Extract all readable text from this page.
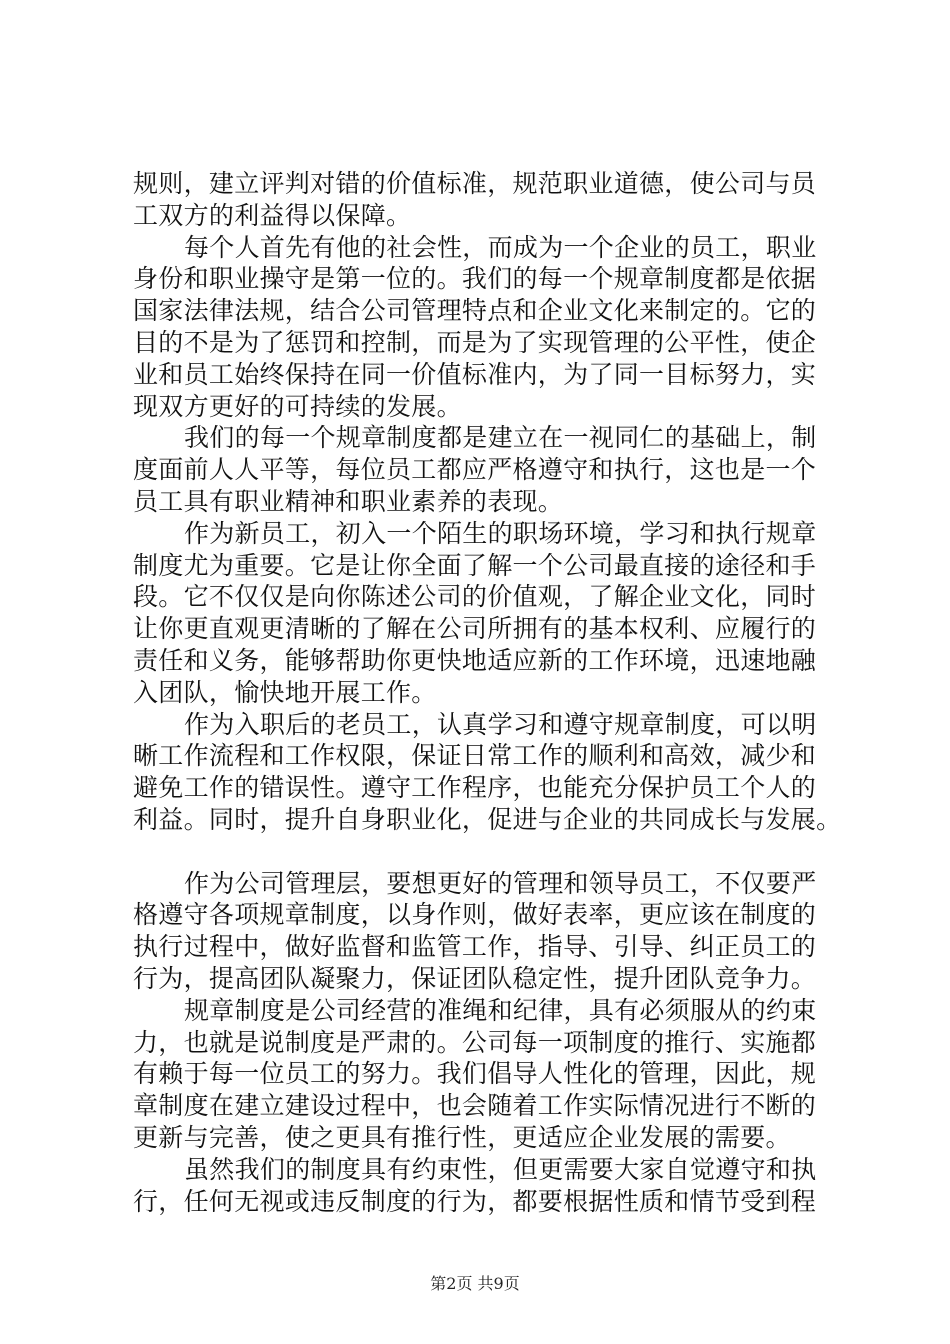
规则，建立评判对错的价值标准，规范职业道德，使公司与员
工双方的利益得以保障。
每个人首先有他的社会性，而成为一个企业的员工，职业
身份和职业操守是第一位的。我们的每一个规章制度都是依据
国家法律法规，结合公司管理特点和企业文化来制定的。它的
目的不是为了惩罚和控制，而是为了实现管理的公平性，使企
业和员工始终保持在同一价值标准内，为了同一目标努力，实
现双方更好的可持续的发展。
我们的每一个规章制度都是建立在一视同仁的基础上，制
度面前人人平等，每位员工都应严格遵守和执行，这也是一个
员工具有职业精神和职业素养的表现。
作为新员工，初入一个陌生的职场环境，学习和执行规章
制度尤为重要。它是让你全面了解一个公司最直接的途径和手
段。它不仅仅是向你陈述公司的价值观，了解企业文化，同时
让你更直观更清晰的了解在公司所拥有的基本权利、应履行的
责任和义务，能够帮助你更快地适应新的工作环境，迅速地融
入团队，愉快地开展工作。
作为入职后的老员工，认真学习和遵守规章制度，可以明
晰工作流程和工作权限，保证日常工作的顺利和高效，减少和
避免工作的错误性。遵守工作程序，也能充分保护员工个人的
利益。同时，提升自身职业化，促进与企业的共同成长与发展。
作为公司管理层，要想更好的管理和领导员工，不仅要严
格遵守各项规章制度，以身作则，做好表率，更应该在制度的
执行过程中，做好监督和监管工作，指导、引导、纠正员工的
行为，提高团队凝聚力，保证团队稳定性，提升团队竞争力。
规章制度是公司经营的准绳和纪律，具有必须服从的约束
力，也就是说制度是严肃的。公司每一项制度的推行、实施都
有赖于每一位员工的努力。我们倡导人性化的管理，因此，规
章制度在建立建设过程中，也会随着工作实际情况进行不断的
更新与完善，使之更具有推行性，更适应企业发展的需要。
虽然我们的制度具有约束性，但更需要大家自觉遵守和执
行，任何无视或违反制度的行为，都要根据性质和情节受到程
第2页 共9页
